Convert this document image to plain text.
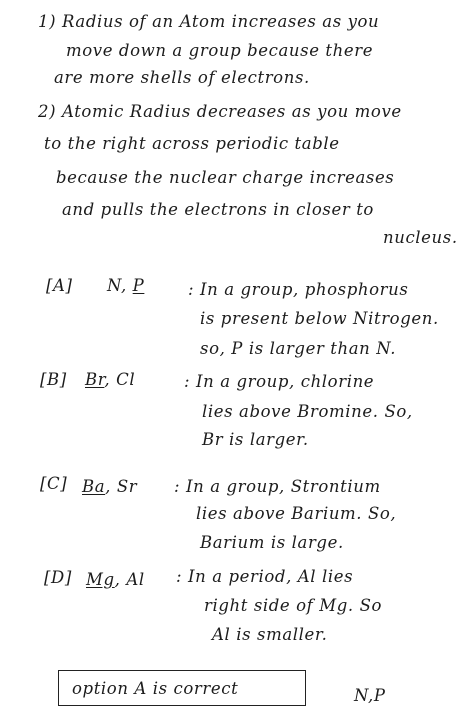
1) Radius of an Atom increases as you
move down a group because there
are more shells of electrons.
2) Atomic Radius decreases as you move
to the right across periodic table
because the nuclear charge increases
and pulls the electrons in closer to
nucleus.
[A] N, P	: In a group, phosphorus
is present below Nitrogen.
so, P is larger than N.
[B] Br, Cl	: In a group, chlorine
lies above Bromine. So,
Br is larger.
[C] Ba, Sr : In a group, Strontium
lies above Barium. So,
Barium is large.
[D] Mg, Al : In a period, Al lies
right side of Mg. So
Al is smaller.
option A is correct	N,P
